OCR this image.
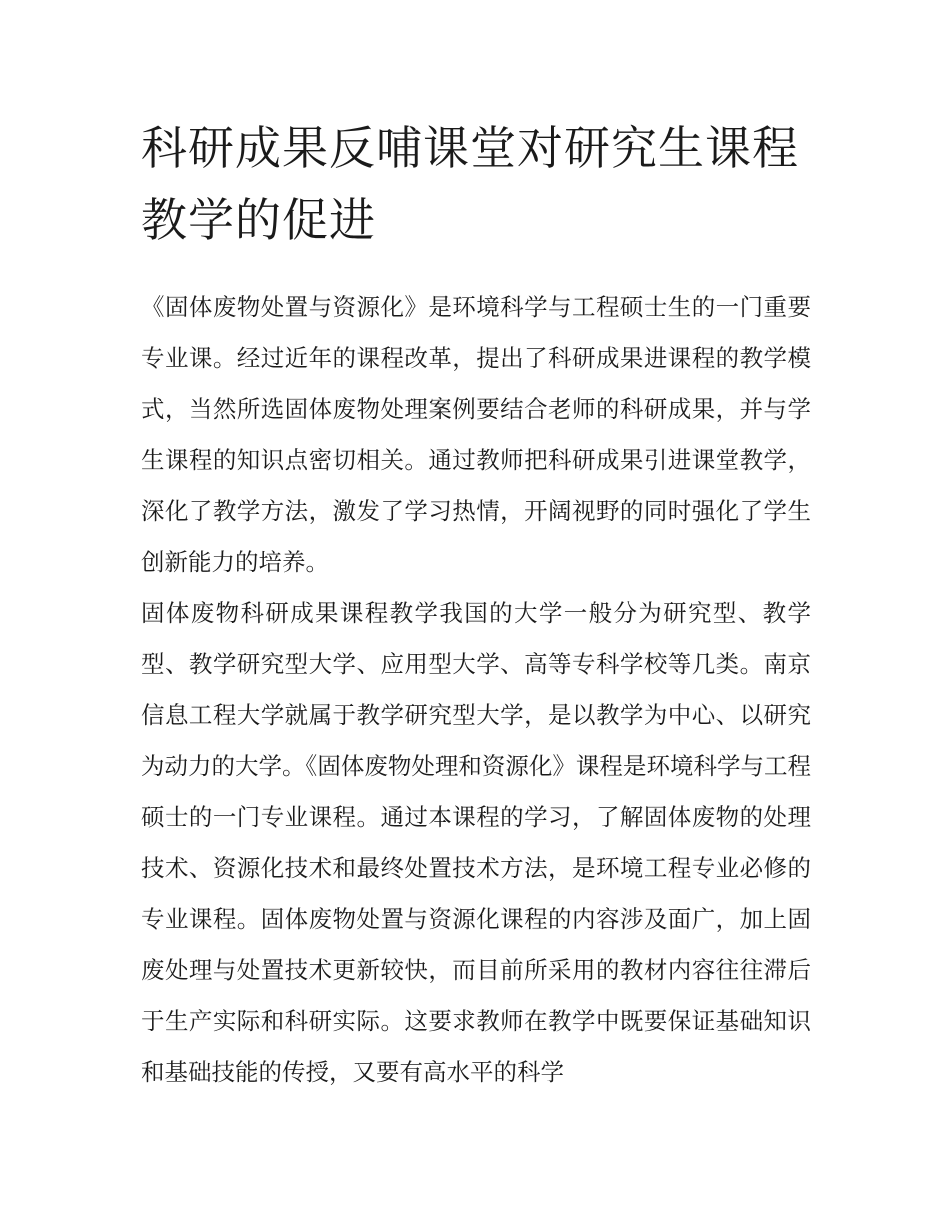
科研成果反哺课堂对研究生课程教学的促进

《固体废物处置与资源化》是环境科学与工程硕士生的一门重要专业课。经过近年的课程改革，提出了科研成果进课程的教学模式，当然所选固体废物处理案例要结合老师的科研成果，并与学生课程的知识点密切相关。通过教师把科研成果引进课堂教学，深化了教学方法，激发了学习热情，开阔视野的同时强化了学生创新能力的培养。

固体废物科研成果课程教学我国的大学一般分为研究型、教学型、教学研究型大学、应用型大学、高等专科学校等几类。南京信息工程大学就属于教学研究型大学，是以教学为中心、以研究为动力的大学。《固体废物处理和资源化》课程是环境科学与工程硕士的一门专业课程。通过本课程的学习，了解固体废物的处理技术、资源化技术和最终处置技术方法，是环境工程专业必修的专业课程。固体废物处置与资源化课程的内容涉及面广，加上固废处理与处置技术更新较快，而目前所采用的教材内容往往滞后于生产实际和科研实际。这要求教师在教学中既要保证基础知识和基础技能的传授，又要有高水平的科学
